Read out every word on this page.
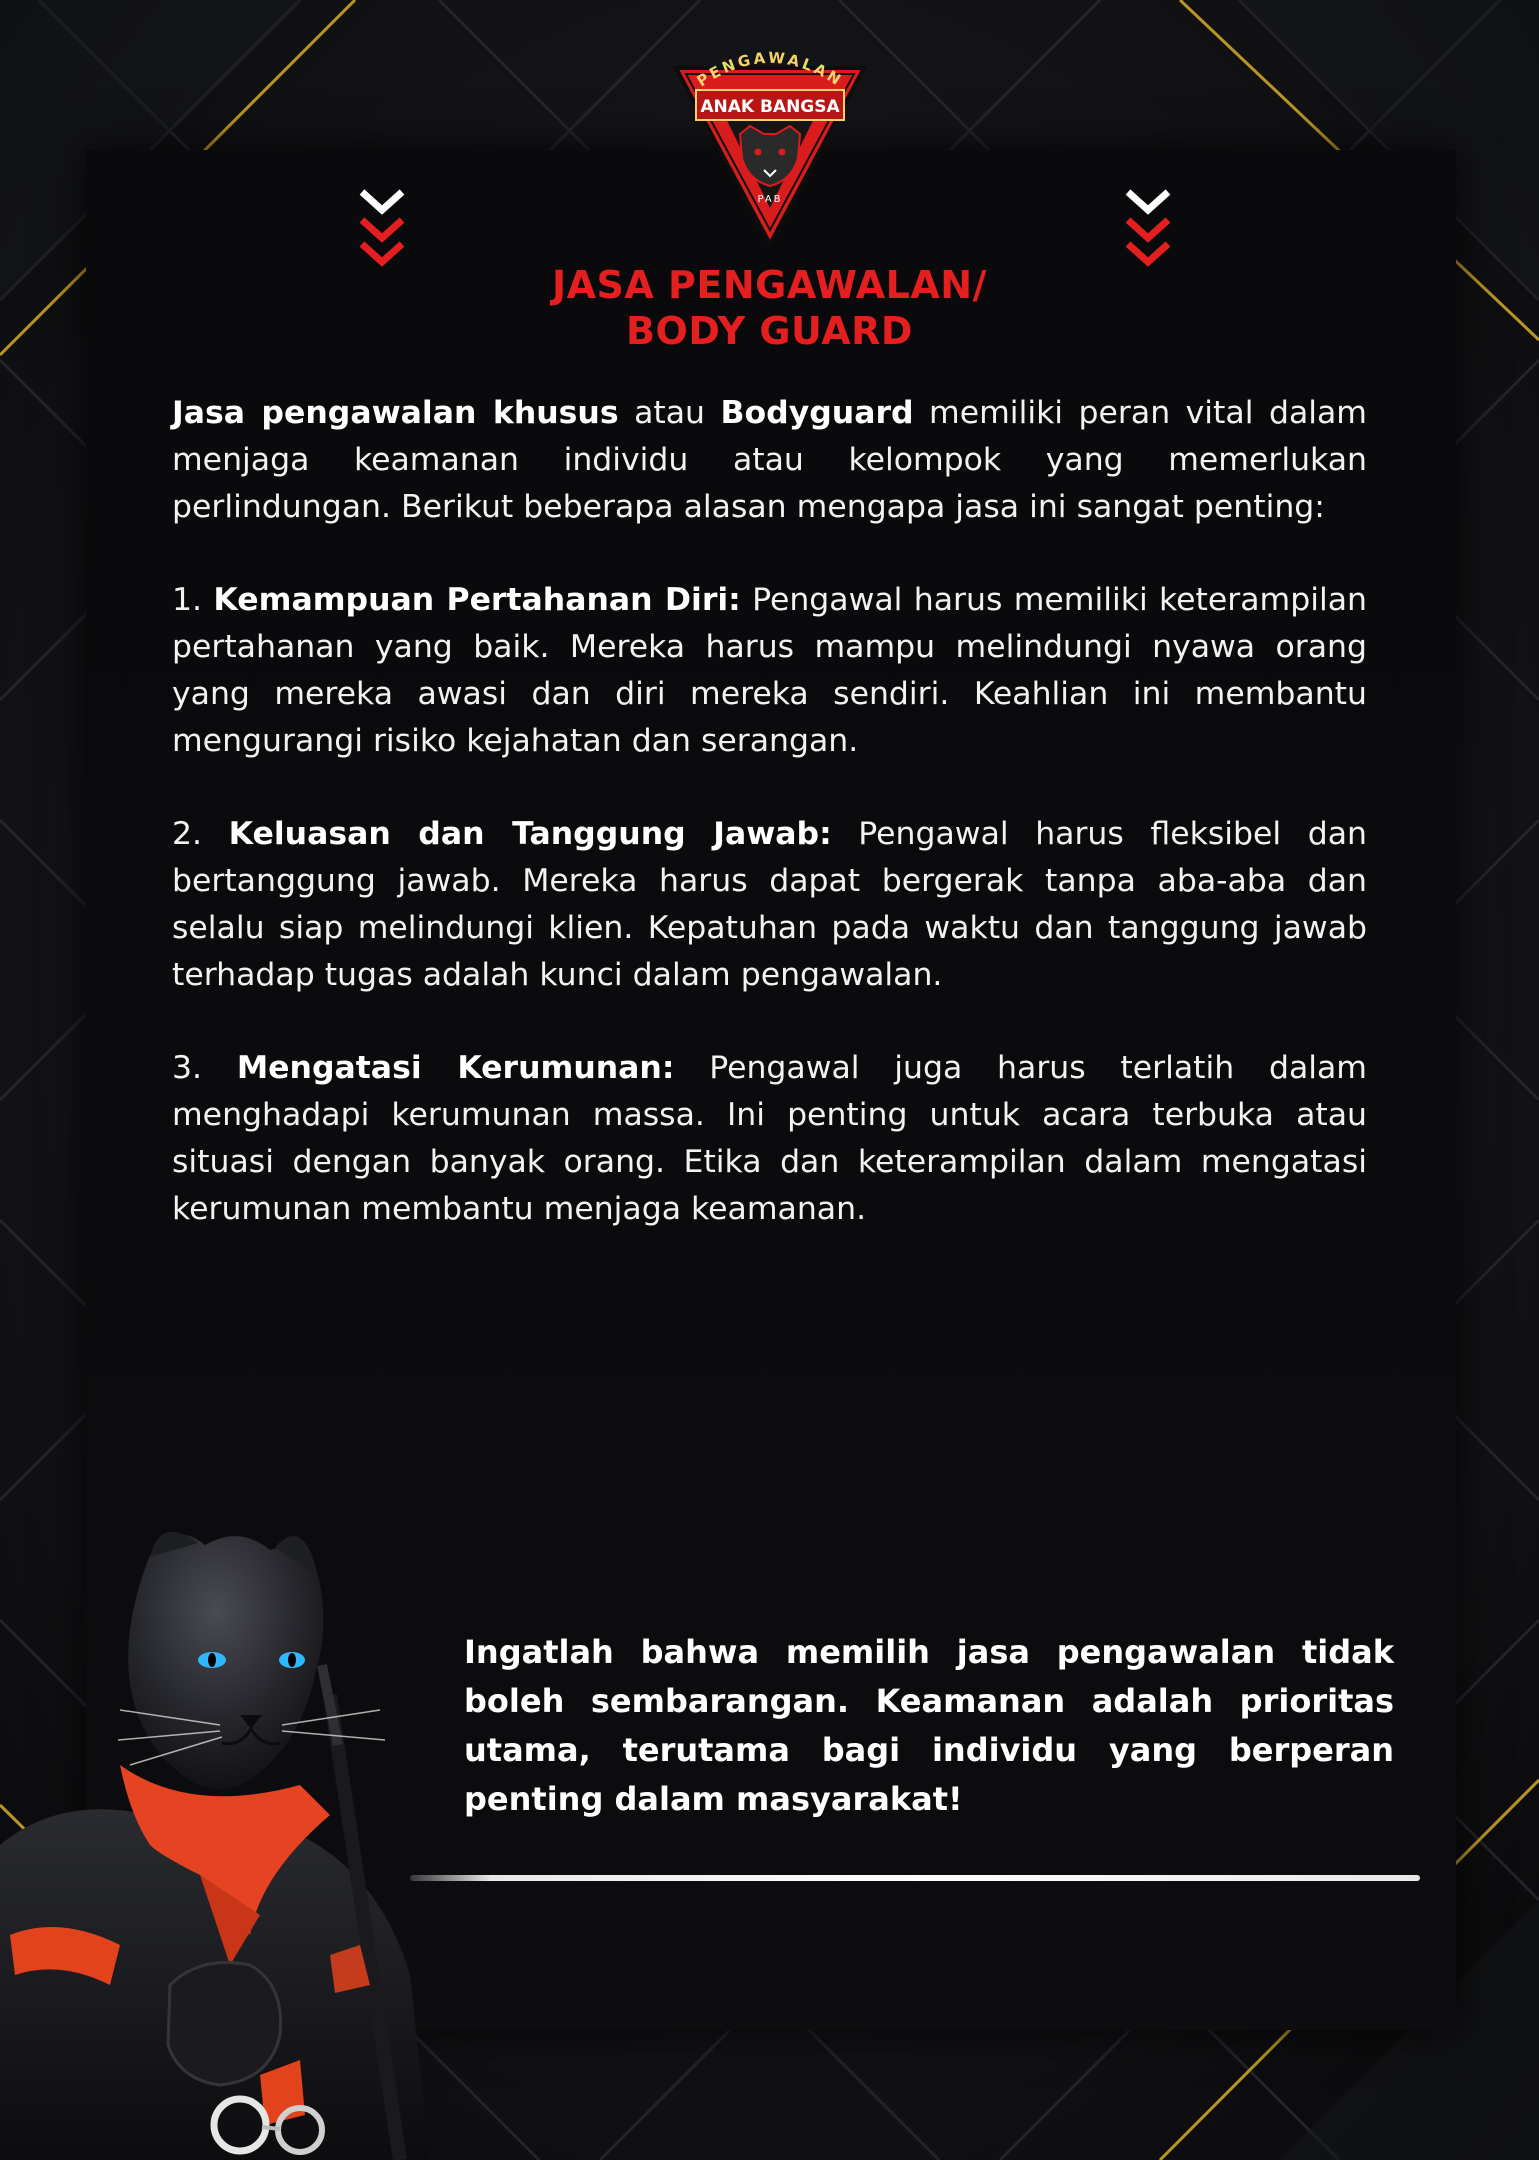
PENGAWALAN
ANAK BANGSA
PAB
JASA PENGAWALAN/
BODY GUARD

Jasa pengawalan khusus atau Bodyguard memiliki peran vital dalam menjaga keamanan individu atau kelompok yang memerlukan perlindungan. Berikut beberapa alasan mengapa jasa ini sangat penting:

1. Kemampuan Pertahanan Diri: Pengawal harus memiliki keterampilan pertahanan yang baik. Mereka harus mampu melindungi nyawa orang yang mereka awasi dan diri mereka sendiri. Keahlian ini membantu mengurangi risiko kejahatan dan serangan.

2. Keluasan dan Tanggung Jawab: Pengawal harus fleksibel dan bertanggung jawab. Mereka harus dapat bergerak tanpa aba-aba dan selalu siap melindungi klien. Kepatuhan pada waktu dan tanggung jawab terhadap tugas adalah kunci dalam pengawalan.

3. Mengatasi Kerumunan: Pengawal juga harus terlatih dalam menghadapi kerumunan massa. Ini penting untuk acara terbuka atau situasi dengan banyak orang. Etika dan keterampilan dalam mengatasi kerumunan membantu menjaga keamanan.

Ingatlah bahwa memilih jasa pengawalan tidak boleh sembarangan. Keamanan adalah prioritas utama, terutama bagi individu yang berperan penting dalam masyarakat!
